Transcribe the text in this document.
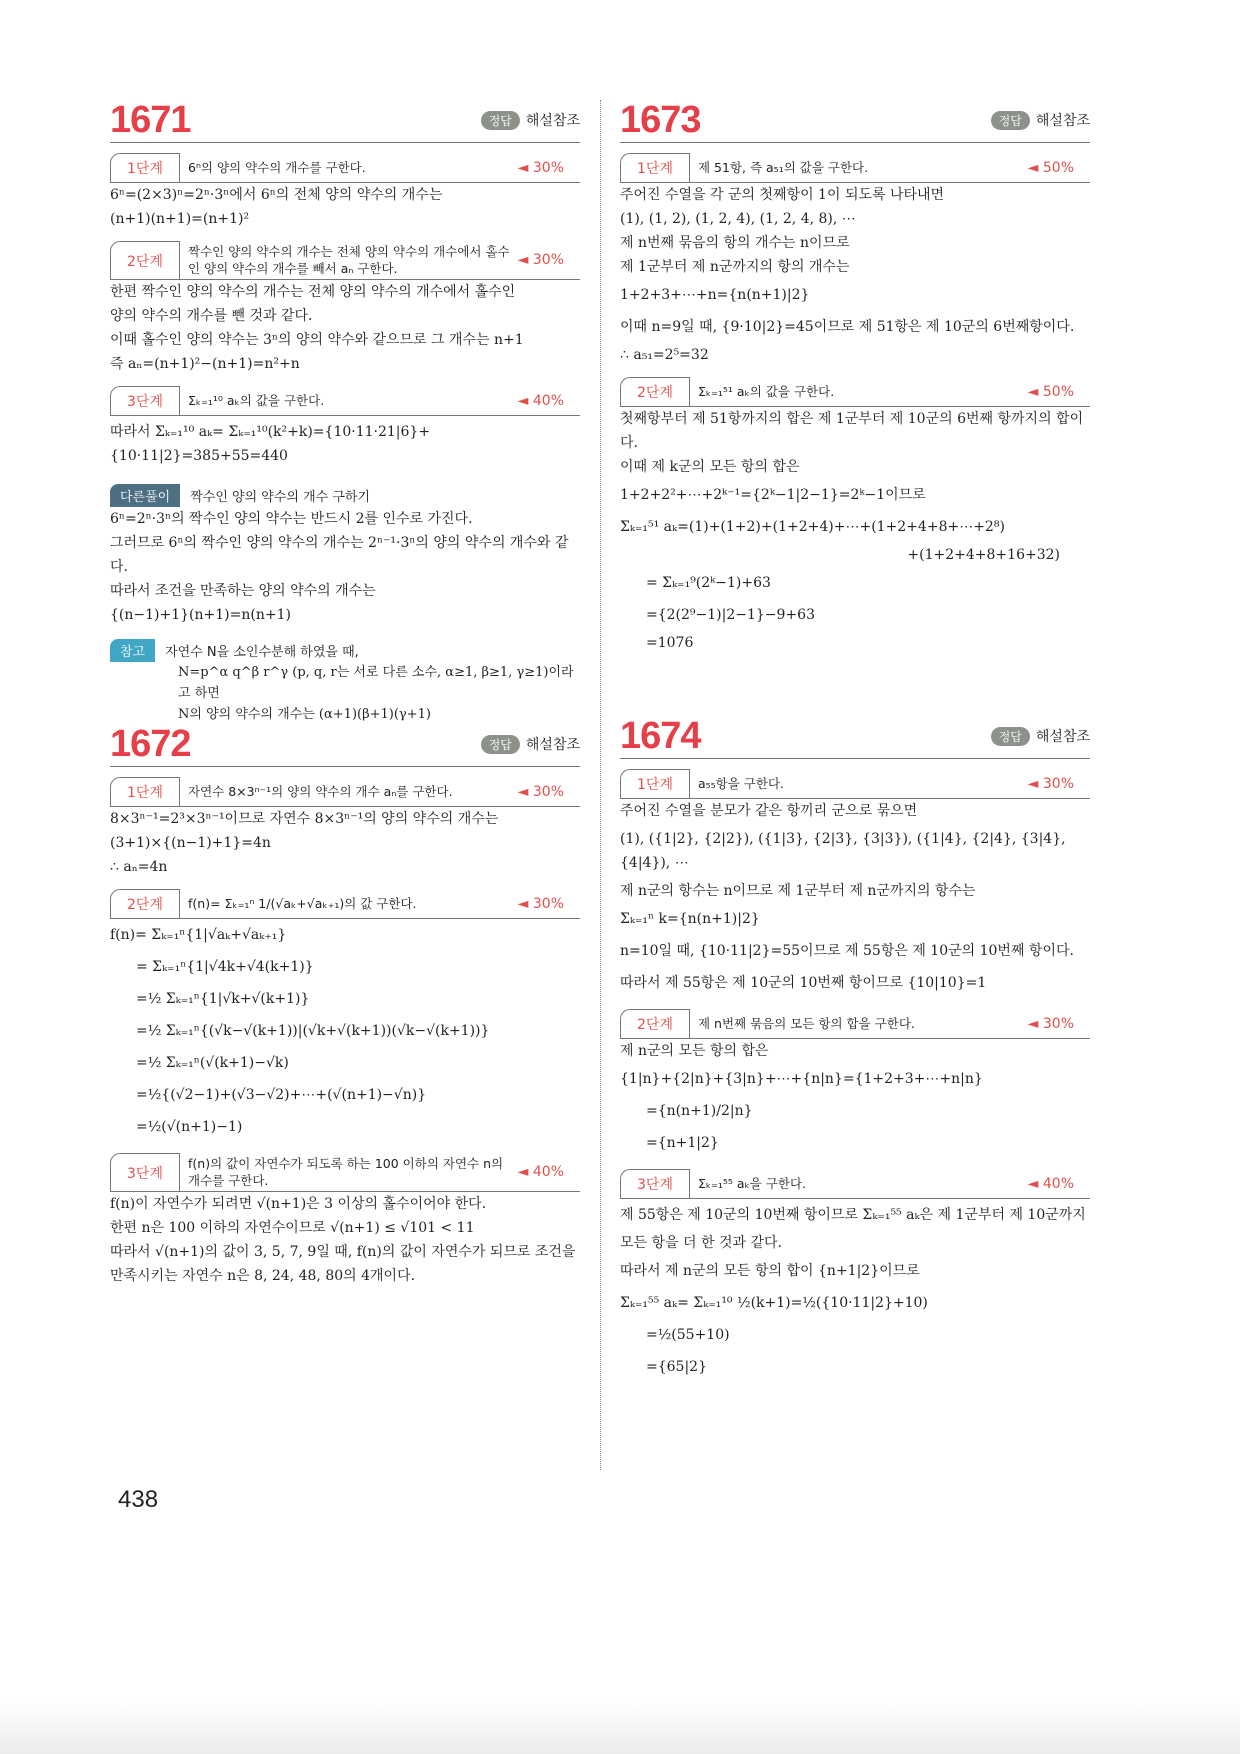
1671	정답	해설참조
1단계	6ⁿ의 양의 약수의 개수를 구한다.	◄ 30%
6ⁿ=(2×3)ⁿ=2ⁿ·3ⁿ에서 6ⁿ의 전체 양의 약수의 개수는
(n+1)(n+1)=(n+1)²
2단계
짝수인 양의 약수의 개수는 전체 양의 약수의 개수에서 홀수인 양의 약수의 개수를 빼서 aₙ 구한다.
◄ 30%
한편 짝수인 양의 약수의 개수는 전체 양의 약수의 개수에서 홀수인
양의 약수의 개수를 뺀 것과 같다.
이때 홀수인 양의 약수는 3ⁿ의 양의 약수와 같으므로 그 개수는 n+1
즉 aₙ=(n+1)²−(n+1)=n²+n
3단계	Σₖ₌₁¹⁰ aₖ의 값을 구한다.	◄ 40%
따라서 Σₖ₌₁¹⁰ aₖ= Σₖ₌₁¹⁰(k²+k)={10·11·21|6}+{10·11|2}=385+55=440
다른풀이	짝수인 양의 약수의 개수 구하기
6ⁿ=2ⁿ·3ⁿ의 짝수인 양의 약수는 반드시 2를 인수로 가진다.
그러므로 6ⁿ의 짝수인 양의 약수의 개수는 2ⁿ⁻¹·3ⁿ의 양의 약수의 개수와 같다.
따라서 조건을 만족하는 양의 약수의 개수는
{(n−1)+1}(n+1)=n(n+1)
참고	자연수 N을 소인수분해 하였을 때,
N=p^α q^β r^γ (p, q, r는 서로 다른 소수, α≥1, β≥1, γ≥1)이라고 하면
N의 양의 약수의 개수는 (α+1)(β+1)(γ+1)
1672	정답	해설참조
1단계	자연수 8×3ⁿ⁻¹의 양의 약수의 개수 aₙ를 구한다.	◄ 30%
8×3ⁿ⁻¹=2³×3ⁿ⁻¹이므로 자연수 8×3ⁿ⁻¹의 양의 약수의 개수는
(3+1)×{(n−1)+1}=4n
∴ aₙ=4n
2단계	f(n)= Σₖ₌₁ⁿ 1/(√aₖ+√aₖ₊₁)의 값 구한다.	◄ 30%
f(n)= Σₖ₌₁ⁿ{1|√aₖ+√aₖ₊₁}
= Σₖ₌₁ⁿ{1|√4k+√4(k+1)}
=½ Σₖ₌₁ⁿ{1|√k+√(k+1)}
=½ Σₖ₌₁ⁿ{(√k−√(k+1))|(√k+√(k+1))(√k−√(k+1))}
=½ Σₖ₌₁ⁿ(√(k+1)−√k)
=½{(√2−1)+(√3−√2)+⋯+(√(n+1)−√n)}
=½(√(n+1)−1)
3단계
f(n)의 값이 자연수가 되도록 하는 100 이하의 자연수 n의 개수를 구한다.
◄ 40%
f(n)이 자연수가 되려면 √(n+1)은 3 이상의 홀수이어야 한다.
한편 n은 100 이하의 자연수이므로 √(n+1) ≤ √101 < 11
따라서 √(n+1)의 값이 3, 5, 7, 9일 때, f(n)의 값이 자연수가 되므로 조건을
만족시키는 자연수 n은 8, 24, 48, 80의 4개이다.
1673	정답	해설참조
1단계	제 51항, 즉 a₅₁의 값을 구한다.	◄ 50%
주어진 수열을 각 군의 첫째항이 1이 되도록 나타내면
(1), (1, 2), (1, 2, 4), (1, 2, 4, 8), ⋯
제 n번째 묶음의 항의 개수는 n이므로
제 1군부터 제 n군까지의 항의 개수는
1+2+3+⋯+n={n(n+1)|2}
이때 n=9일 때, {9·10|2}=45이므로 제 51항은 제 10군의 6번째항이다.
∴ a₅₁=2⁵=32
2단계	Σₖ₌₁⁵¹ aₖ의 값을 구한다.	◄ 50%
첫째항부터 제 51항까지의 합은 제 1군부터 제 10군의 6번째 항까지의 합이다.
이때 제 k군의 모든 항의 합은
1+2+2²+⋯+2ᵏ⁻¹={2ᵏ−1|2−1}=2ᵏ−1이므로
Σₖ₌₁⁵¹ aₖ=(1)+(1+2)+(1+2+4)+⋯+(1+2+4+8+⋯+2⁸)
+(1+2+4+8+16+32)
= Σₖ₌₁⁹(2ᵏ−1)+63
={2(2⁹−1)|2−1}−9+63
=1076
1674	정답	해설참조
1단계	a₅₅항을 구한다.	◄ 30%
주어진 수열을 분모가 같은 항끼리 군으로 묶으면
(1), ({1|2}, {2|2}), ({1|3}, {2|3}, {3|3}), ({1|4}, {2|4}, {3|4}, {4|4}), ⋯
제 n군의 항수는 n이므로 제 1군부터 제 n군까지의 항수는
Σₖ₌₁ⁿ k={n(n+1)|2}
n=10일 때, {10·11|2}=55이므로 제 55항은 제 10군의 10번째 항이다.
따라서 제 55항은 제 10군의 10번째 항이므로 {10|10}=1
2단계	제 n번째 묶음의 모든 항의 합을 구한다.	◄ 30%
제 n군의 모든 항의 합은
{1|n}+{2|n}+{3|n}+⋯+{n|n}={1+2+3+⋯+n|n}
={n(n+1)/2|n}
={n+1|2}
3단계	Σₖ₌₁⁵⁵ aₖ을 구한다.	◄ 40%
제 55항은 제 10군의 10번째 항이므로 Σₖ₌₁⁵⁵ aₖ은 제 1군부터 제 10군까지
모든 항을 더 한 것과 같다.
따라서 제 n군의 모든 항의 합이 {n+1|2}이므로
Σₖ₌₁⁵⁵ aₖ= Σₖ₌₁¹⁰ ½(k+1)=½({10·11|2}+10)
=½(55+10)
={65|2}
438
